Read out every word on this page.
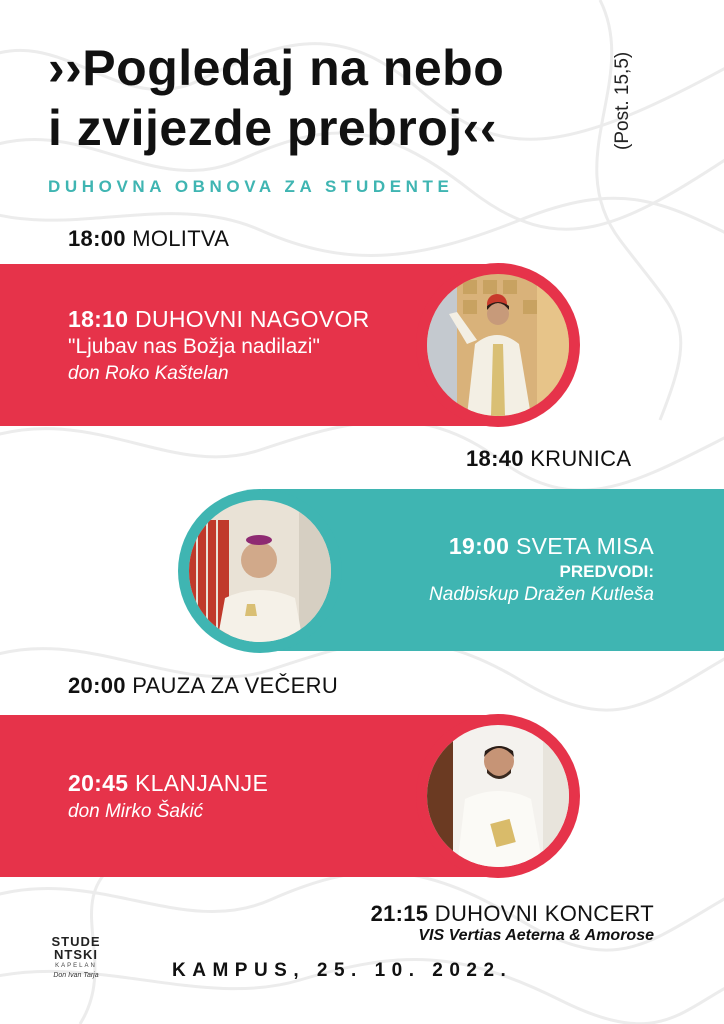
››Pogledaj na nebo
i zvijezde prebroj‹‹	(Post. 15,5)
DUHOVNA OBNOVA ZA STUDENTE
18:00 MOLITVA
18:10 DUHOVNI NAGOVOR
"Ljubav nas Božja nadilazi"
don Roko Kaštelan
18:40 KRUNICA
19:00 SVETA MISA
PREDVODI:
Nadbiskup Dražen Kutleša
20:00 PAUZA ZA VEČERU
20:45 KLANJANJE
don Mirko Šakić
21:15 DUHOVNI KONCERT
VIS Vertias Aeterna & Amorose
STUDE
NTSKI
KAPELAN
Don Ivan Tarja	KAMPUS, 25. 10. 2022.
